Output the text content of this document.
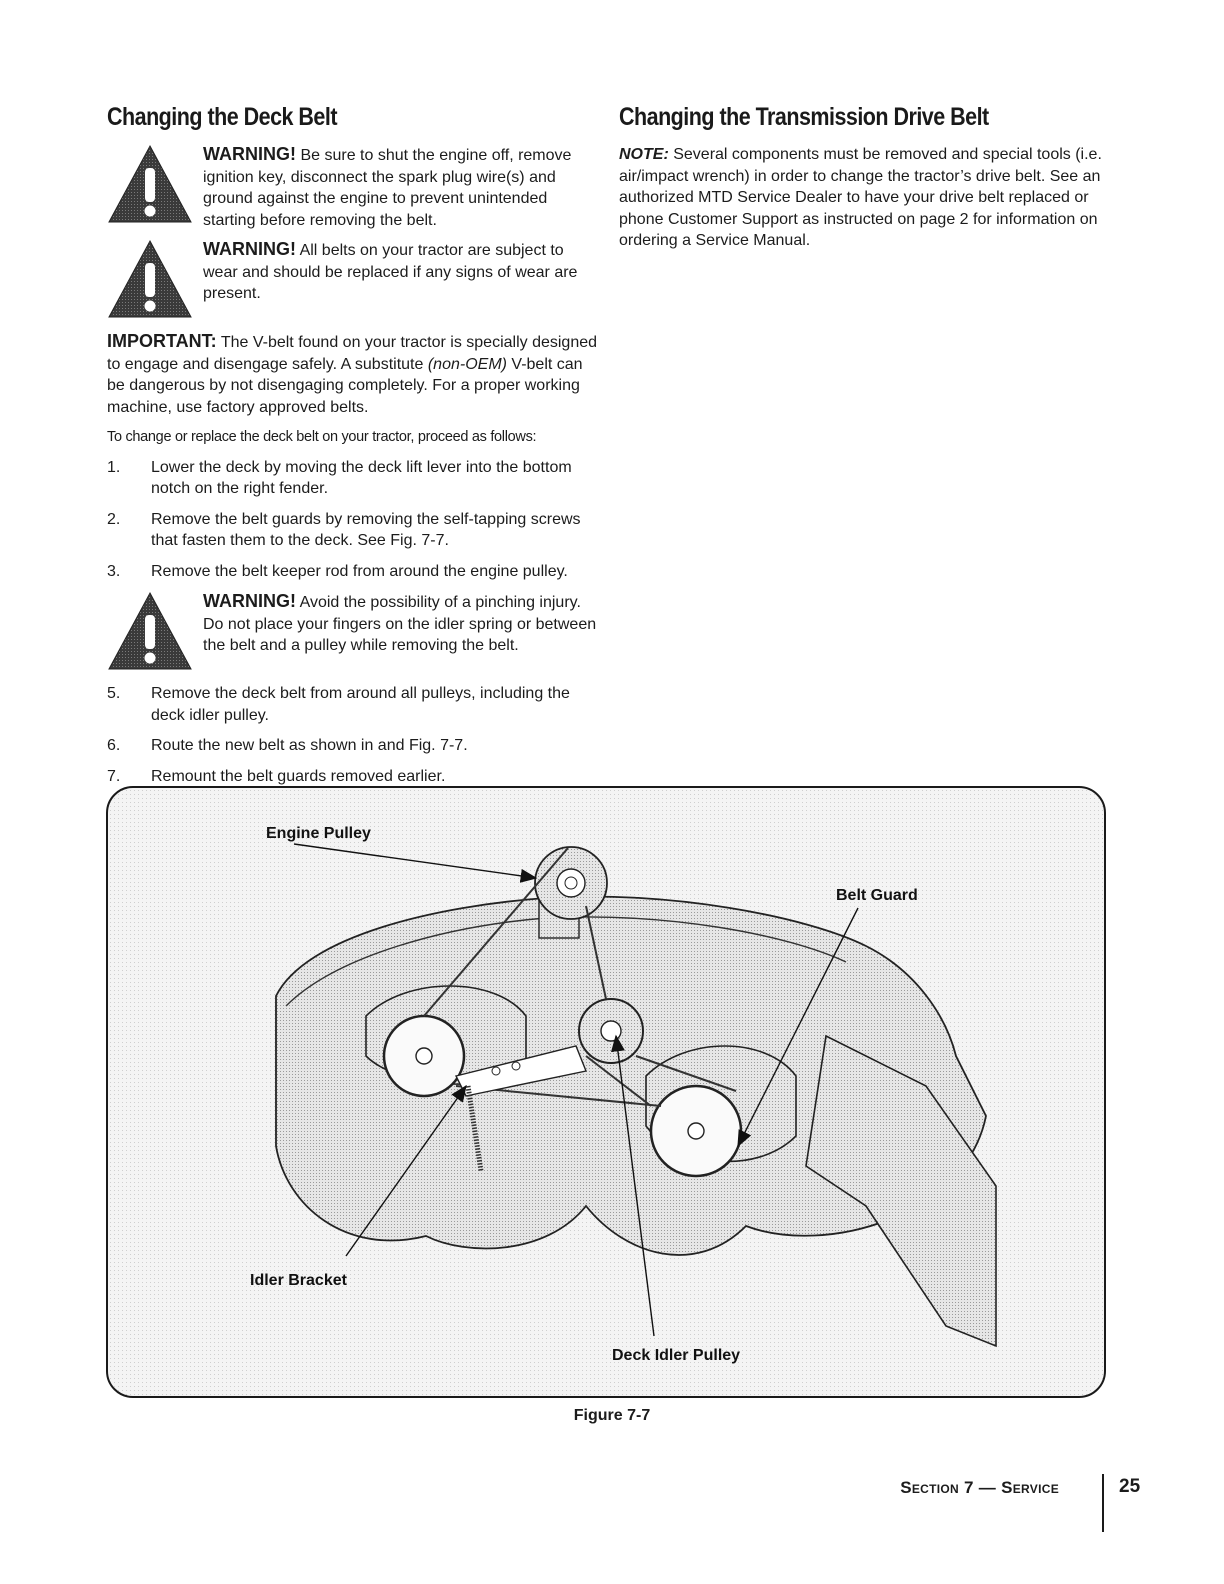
Changing the Deck Belt
WARNING! Be sure to shut the engine off, remove ignition key, disconnect the spark plug wire(s) and ground against the engine to prevent unintended starting before removing the belt.
WARNING! All belts on your tractor are subject to wear and should be replaced if any signs of wear are present.

IMPORTANT: The V-belt found on your tractor is specially designed to engage and disengage safely. A substitute (non-OEM) V-belt can be dangerous by not disengaging completely. For a proper working machine, use factory approved belts.

To change or replace the deck belt on your tractor, proceed as follows:

1. Lower the deck by moving the deck lift lever into the bottom notch on the right fender.
2. Remove the belt guards by removing the self-tapping screws that fasten them to the deck. See Fig. 7-7.
3. Remove the belt keeper rod from around the engine pulley.
WARNING! Avoid the possibility of a pinching injury. Do not place your fingers on the idler spring or between the belt and a pulley while removing the belt.
5. Remove the deck belt from around all pulleys, including the deck idler pulley.
6. Route the new belt as shown in and Fig. 7-7.
7. Remount the belt guards removed earlier.
Changing the Transmission Drive Belt

NOTE: Several components must be removed and special tools (i.e. air/impact wrench) in order to change the tractor’s drive belt. See an authorized MTD Service Dealer to have your drive belt replaced or phone Customer Support as instructed on page 2 for information on ordering a Service Manual.

Engine Pulley
Belt Guard
Idler Bracket
Deck Idler Pulley
Figure 7-7
Section 7 — Service	25
